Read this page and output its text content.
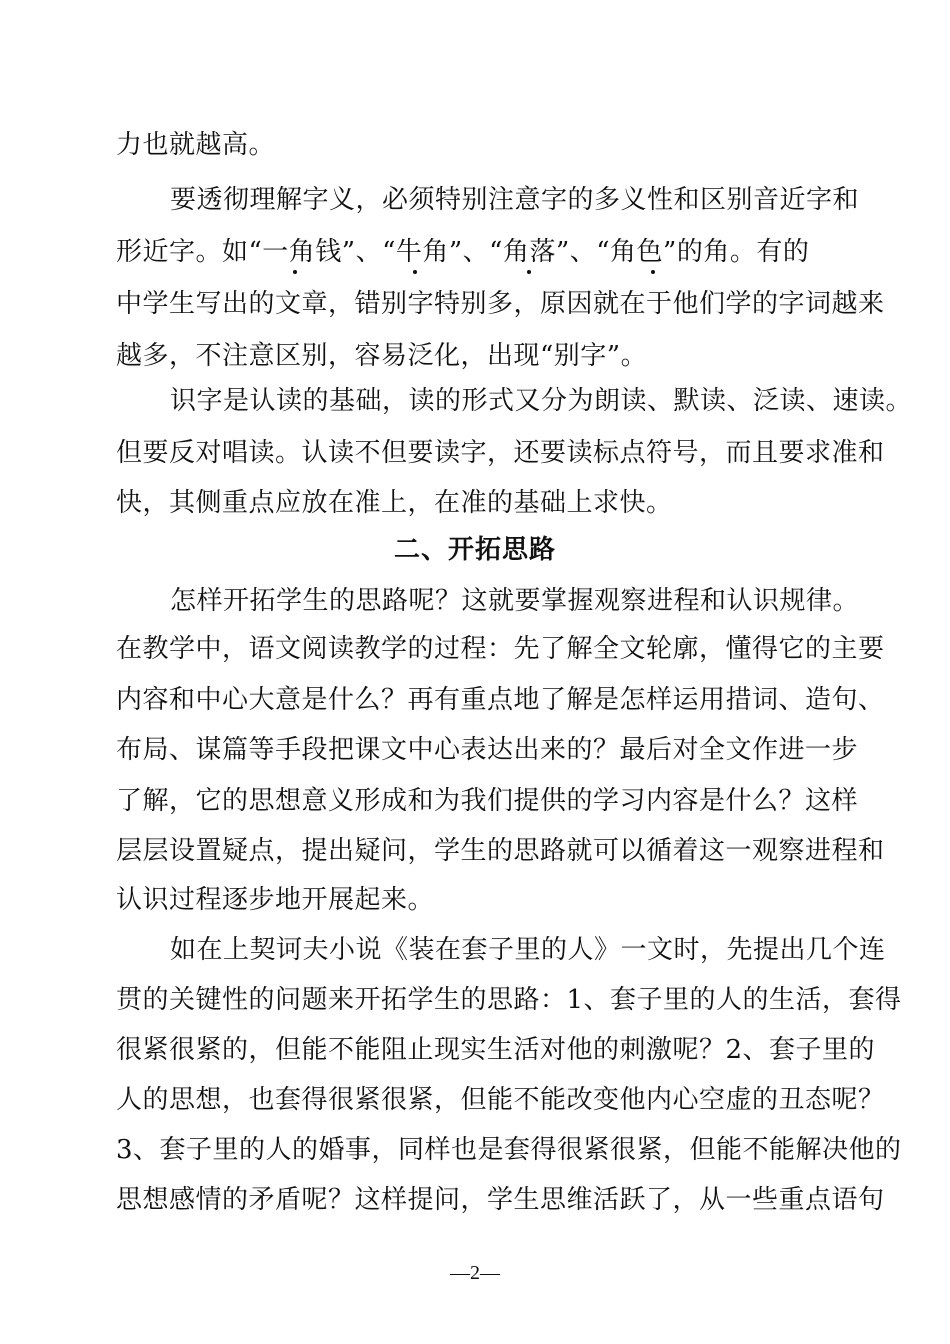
力也就越高。
要透彻理解字义，必须特别注意字的多义性和区别音近字和
形近字。如“一角钱”、“牛角”、“角落”、“角色”的角。有的
中学生写出的文章，错别字特别多，原因就在于他们学的字词越来
越多，不注意区别，容易泛化，出现“别字”。
识字是认读的基础，读的形式又分为朗读、默读、泛读、速读。
但要反对唱读。认读不但要读字，还要读标点符号，而且要求准和
快，其侧重点应放在准上，在准的基础上求快。
二、开拓思路
怎样开拓学生的思路呢？这就要掌握观察进程和认识规律。
在教学中，语文阅读教学的过程：先了解全文轮廓，懂得它的主要
内容和中心大意是什么？再有重点地了解是怎样运用措词、造句、
布局、谋篇等手段把课文中心表达出来的？最后对全文作进一步
了解，它的思想意义形成和为我们提供的学习内容是什么？这样
层层设置疑点，提出疑问，学生的思路就可以循着这一观察进程和
认识过程逐步地开展起来。
如在上契诃夫小说《装在套子里的人》一文时，先提出几个连
贯的关键性的问题来开拓学生的思路：1、套子里的人的生活，套得
很紧很紧的，但能不能阻止现实生活对他的刺激呢？2、套子里的
人的思想，也套得很紧很紧，但能不能改变他内心空虚的丑态呢？
3、套子里的人的婚事，同样也是套得很紧很紧，但能不能解决他的
思想感情的矛盾呢？这样提问，学生思维活跃了，从一些重点语句
—2—
